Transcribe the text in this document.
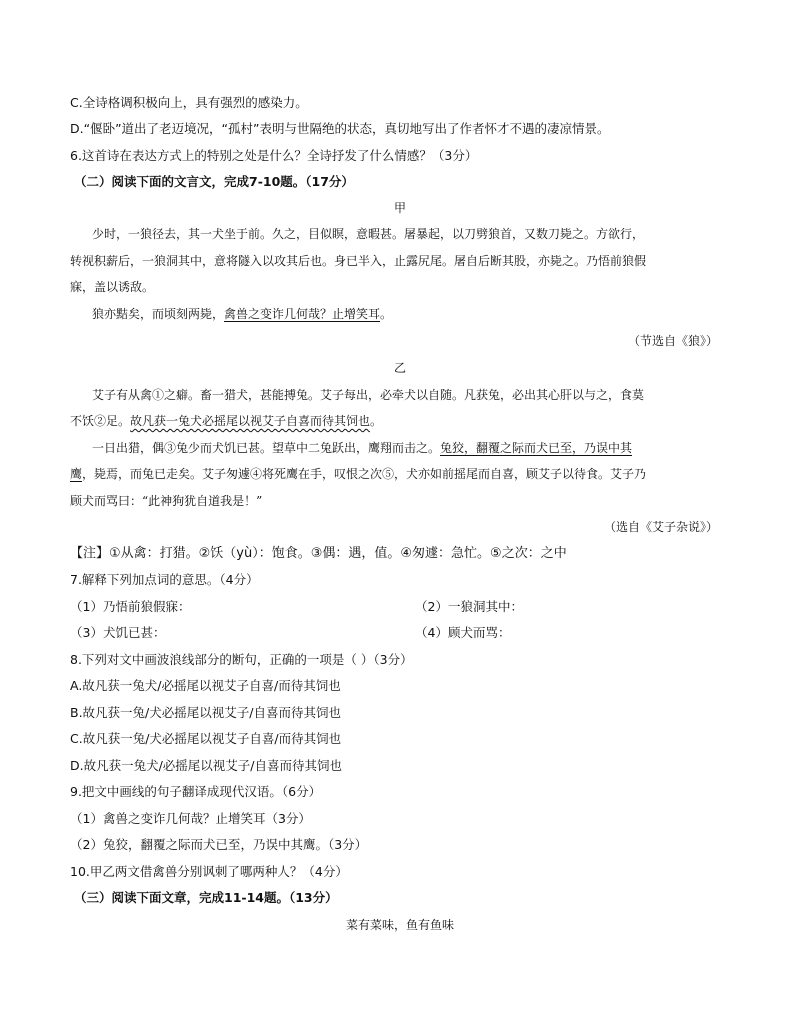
C.全诗格调积极向上，具有强烈的感染力。
D.“偃卧”道出了老迈境况，“孤村”表明与世隔绝的状态，真切地写出了作者怀才不遇的凄凉情景。
6.这首诗在表达方式上的特别之处是什么？全诗抒发了什么情感？（3分）
（二）阅读下面的文言文，完成7-10题。（17分）
甲
少时，一狼径去，其一犬坐于前。久之，目似瞑，意暇甚。屠暴起，以刀劈狼首，又数刀毙之。方欲行，
转视积薪后，一狼洞其中，意将隧入以攻其后也。身已半入，止露尻尾。屠自后断其股，亦毙之。乃悟前狼假
寐，盖以诱敌。
狼亦黠矣，而顷刻两毙，禽兽之变诈几何哉？止增笑耳。
（节选自《狼》）
乙
艾子有从禽①之癖。畜一猎犬，甚能搏兔。艾子每出，必牵犬以自随。凡获兔，必出其心肝以与之，食莫
不饫②足。故凡获一兔犬必摇尾以视艾子自喜而待其饲也。
一日出猎，偶③兔少而犬饥已甚。望草中二兔跃出，鹰翔而击之。兔狡，翻覆之际而犬已至，乃误中其
鹰，毙焉，而兔已走矣。艾子匆遽④将死鹰在手，叹恨之次⑤，犬亦如前摇尾而自喜，顾艾子以待食。艾子乃
顾犬而骂曰：“此神狗犹自道我是！”
（选自《艾子杂说》）
【注】①从禽：打猎。②饫（yù）：饱食。③偶：遇，值。④匆遽：急忙。⑤之次：之中
7.解释下列加点词的意思。（4分）
（1）乃悟前狼假寐：	（2）一狼洞其中：
（3）犬饥已甚：	（4）顾犬而骂：
8.下列对文中画波浪线部分的断句，正确的一项是（ ）（3分）
A.故凡获一兔犬/必摇尾以视艾子自喜/而待其饲也
B.故凡获一兔/犬必摇尾以视艾子/自喜而待其饲也
C.故凡获一兔/犬必摇尾以视艾子自喜/而待其饲也
D.故凡获一兔犬/必摇尾以视艾子/自喜而待其饲也
9.把文中画线的句子翻译成现代汉语。（6分）
（1）禽兽之变诈几何哉？止增笑耳（3分）
（2）兔狡，翻覆之际而犬已至，乃误中其鹰。（3分）
10.甲乙两文借禽兽分别讽刺了哪两种人？（4分）
（三）阅读下面文章，完成11-14题。（13分）
菜有菜味，鱼有鱼味
